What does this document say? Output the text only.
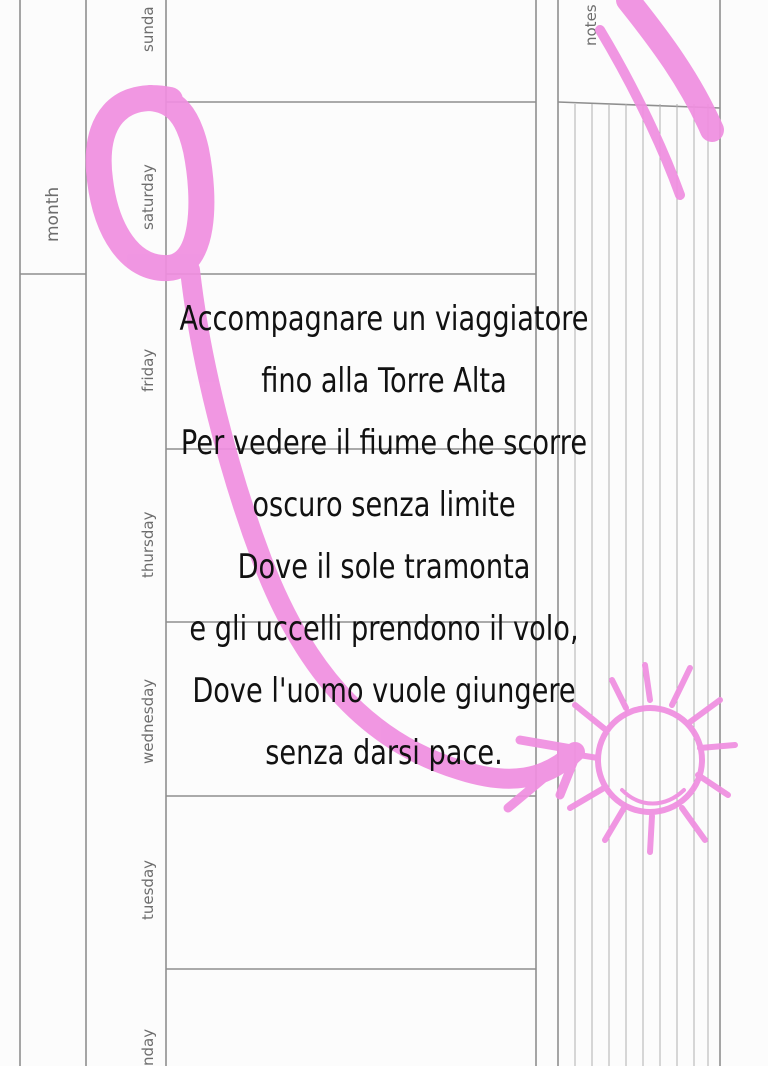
month
notes
sunda
saturday
friday
thursday
wednesday
tuesday
nday
Accompagnare un viaggiatore
fino alla Torre Alta
Per vedere il fiume che scorre
oscuro senza limite
Dove il sole tramonta
e gli uccelli prendono il volo,
Dove l'uomo vuole giungere
senza darsi pace.
